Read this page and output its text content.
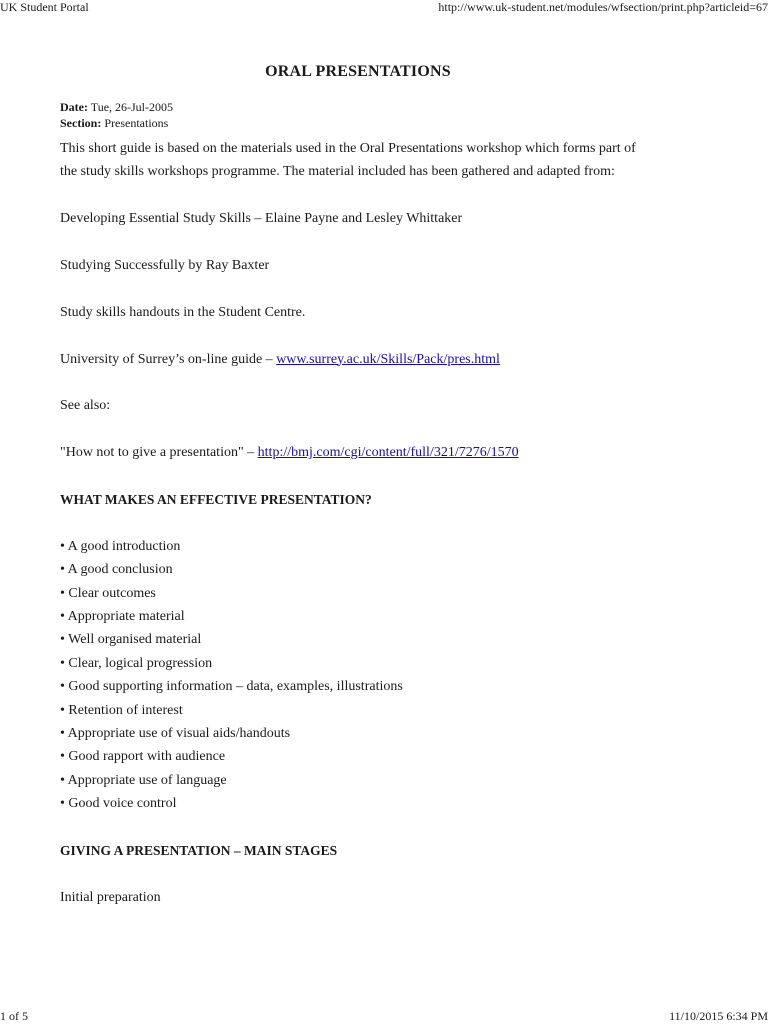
UK Student Portal	http://www.uk-student.net/modules/wfsection/print.php?articleid=67
ORAL PRESENTATIONS
Date: Tue, 26-Jul-2005
Section: Presentations

This short guide is based on the materials used in the Oral Presentations workshop which forms part of the study skills workshops programme. The material included has been gathered and adapted from:

Developing Essential Study Skills – Elaine Payne and Lesley Whittaker

Studying Successfully by Ray Baxter

Study skills handouts in the Student Centre.

University of Surrey’s on-line guide – www.surrey.ac.uk/Skills/Pack/pres.html

See also:

"How not to give a presentation" – http://bmj.com/cgi/content/full/321/7276/1570

WHAT MAKES AN EFFECTIVE PRESENTATION?

• A good introduction

• A good conclusion

• Clear outcomes

• Appropriate material

• Well organised material

• Clear, logical progression

• Good supporting information – data, examples, illustrations

• Retention of interest

• Appropriate use of visual aids/handouts

• Good rapport with audience

• Appropriate use of language

• Good voice control

GIVING A PRESENTATION – MAIN STAGES

Initial preparation

1 of 5	11/10/2015 6:34 PM
